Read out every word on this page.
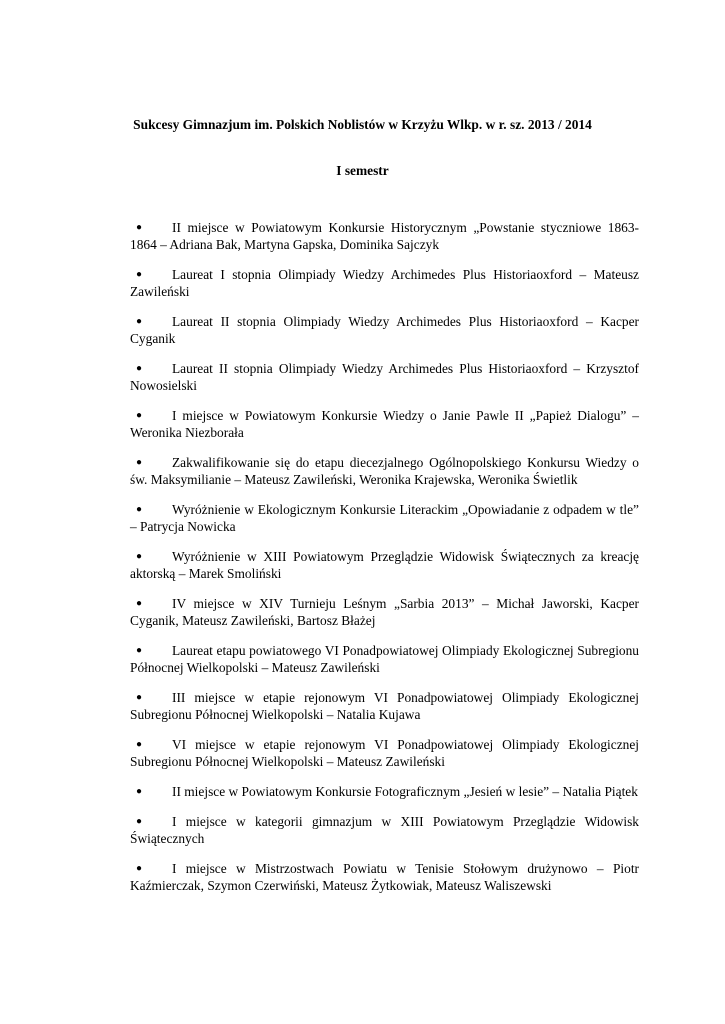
Sukcesy Gimnazjum im. Polskich Noblistów w Krzyżu Wlkp. w r. sz. 2013 / 2014
I semestr
● II miejsce w Powiatowym Konkursie Historycznym „Powstanie styczniowe 1863-1864 – Adriana Bak, Martyna Gapska, Dominika Sajczyk
● Laureat I stopnia Olimpiady Wiedzy Archimedes Plus Historiaoxford – Mateusz Zawileński
● Laureat II stopnia Olimpiady Wiedzy Archimedes Plus Historiaoxford – Kacper Cyganik
● Laureat II stopnia Olimpiady Wiedzy Archimedes Plus Historiaoxford – Krzysztof Nowosielski
● I miejsce w Powiatowym Konkursie Wiedzy o Janie Pawle II „Papież Dialogu” – Weronika Niezborała
● Zakwalifikowanie się do etapu diecezjalnego Ogólnopolskiego Konkursu Wiedzy o św. Maksymilianie – Mateusz Zawileński, Weronika Krajewska, Weronika Świetlik
● Wyróżnienie w Ekologicznym Konkursie Literackim „Opowiadanie z odpadem w tle” – Patrycja Nowicka
● Wyróżnienie w XIII Powiatowym Przeglądzie Widowisk Świątecznych za kreację aktorską – Marek Smoliński
● IV miejsce w XIV Turnieju Leśnym „Sarbia 2013” – Michał Jaworski, Kacper Cyganik, Mateusz Zawileński, Bartosz Błażej
● Laureat etapu powiatowego VI Ponadpowiatowej Olimpiady Ekologicznej Subregionu Północnej Wielkopolski – Mateusz Zawileński
● III miejsce w etapie rejonowym VI Ponadpowiatowej Olimpiady Ekologicznej Subregionu Północnej Wielkopolski – Natalia Kujawa
● VI miejsce w etapie rejonowym VI Ponadpowiatowej Olimpiady Ekologicznej Subregionu Północnej Wielkopolski – Mateusz Zawileński
● II miejsce w Powiatowym Konkursie Fotograficznym „Jesień w lesie” – Natalia Piątek
● I miejsce w kategorii gimnazjum w XIII Powiatowym Przeglądzie Widowisk Świątecznych
● I miejsce w Mistrzostwach Powiatu w Tenisie Stołowym drużynowo – Piotr Kaźmierczak, Szymon Czerwiński, Mateusz Żytkowiak, Mateusz Waliszewski
